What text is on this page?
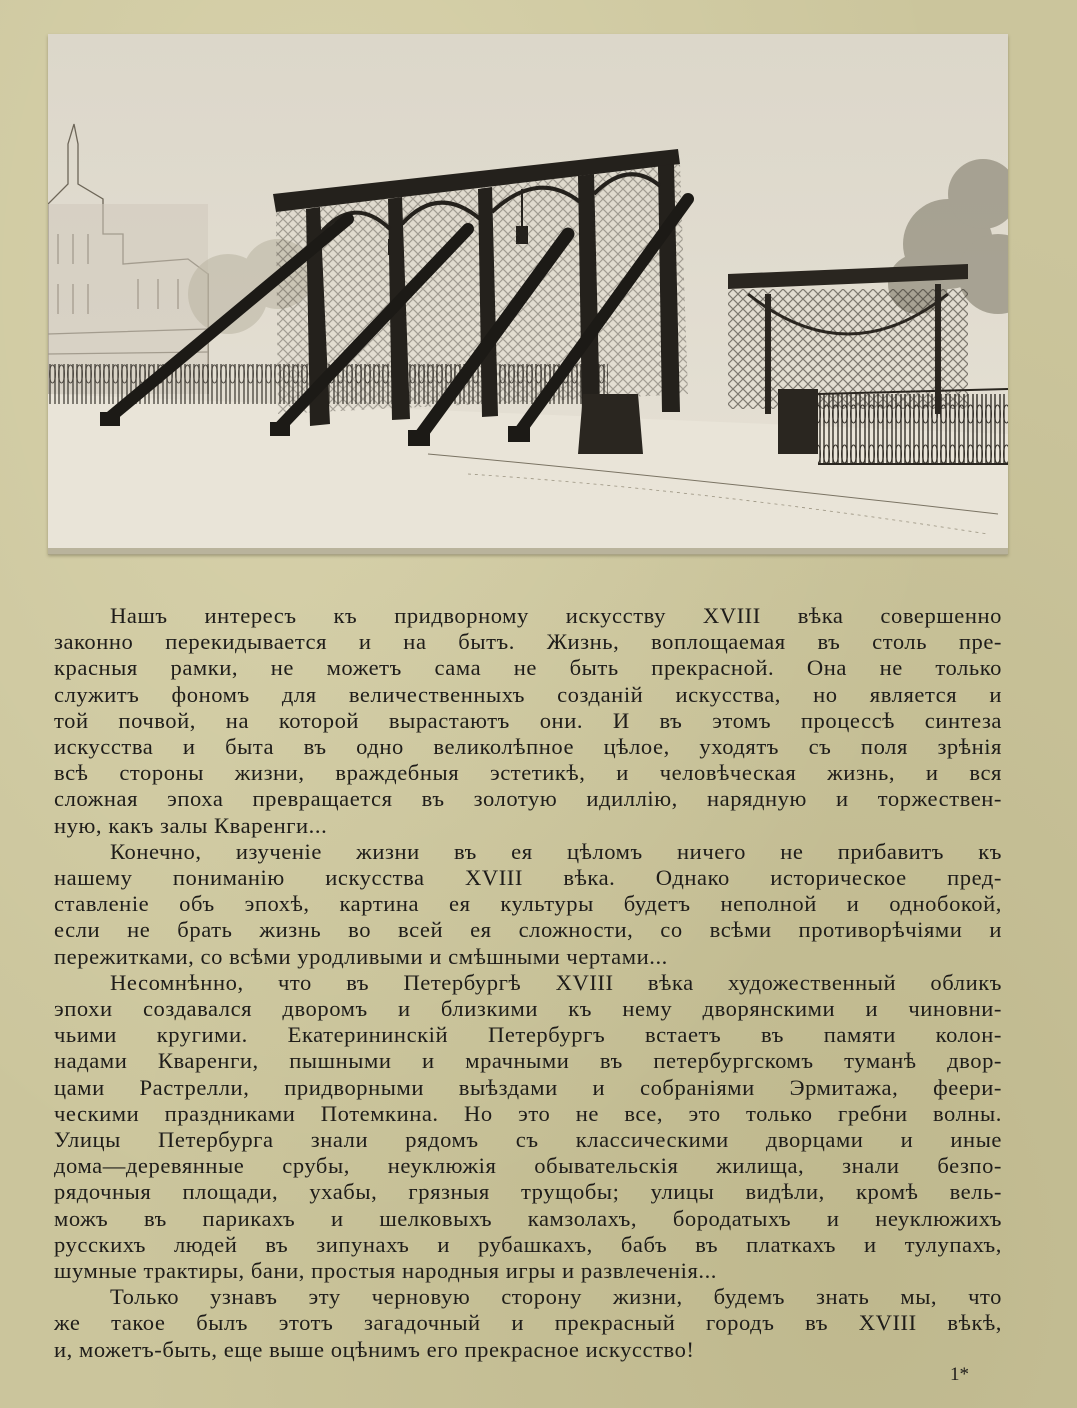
Нашъ интересъ къ придворному искусству XVIII вѣка совершенно

законно перекидывается и на бытъ. Жизнь, воплощаемая въ столь пре-

красныя рамки, не можетъ сама не быть прекрасной. Она не только

служитъ фономъ для величественныхъ созданій искусства, но является и

той почвой, на которой вырастаютъ они. И въ этомъ процессѣ синтеза

искусства и быта въ одно великолѣпное цѣлое, уходятъ съ поля зрѣнія

всѣ стороны жизни, враждебныя эстетикѣ, и человѣческая жизнь, и вся

сложная эпоха превращается въ золотую идиллію, нарядную и торжествен-

ную, какъ залы Кваренги...

Конечно, изученіе жизни въ ея цѣломъ ничего не прибавитъ къ

нашему пониманію искусства XVIII вѣка. Однако историческое пред-

ставленіе объ эпохѣ, картина ея культуры будетъ неполной и однобокой,

если не брать жизнь во всей ея сложности, со всѣми противорѣчіями и

пережитками, со всѣми уродливыми и смѣшными чертами...

Несомнѣнно, что въ Петербургѣ XVIII вѣка художественный обликъ

эпохи создавался дворомъ и близкими къ нему дворянскими и чиновни-

чьими кругими. Екатерининскій Петербургъ встаетъ въ памяти колон-

надами Кваренги, пышными и мрачными въ петербургскомъ туманѣ двор-

цами Растрелли, придворными выѣздами и собраніями Эрмитажа, феери-

ческими праздниками Потемкина. Но это не все, это только гребни волны.

Улицы Петербурга знали рядомъ съ классическими дворцами и иные

дома—деревянные срубы, неуклюжія обывательскія жилища, знали безпо-

рядочныя площади, ухабы, грязныя трущобы; улицы видѣли, кромѣ вель-

можъ въ парикахъ и шелковыхъ камзолахъ, бородатыхъ и неуклюжихъ

русскихъ людей въ зипунахъ и рубашкахъ, бабъ въ платкахъ и тулупахъ,

шумные трактиры, бани, простыя народныя игры и развлеченія...

Только узнавъ эту черновую сторону жизни, будемъ знать мы, что

же такое былъ этотъ загадочный и прекрасный городъ въ XVIII вѣкѣ,

и, можетъ-быть, еще выше оцѣнимъ его прекрасное искусство!

1*
